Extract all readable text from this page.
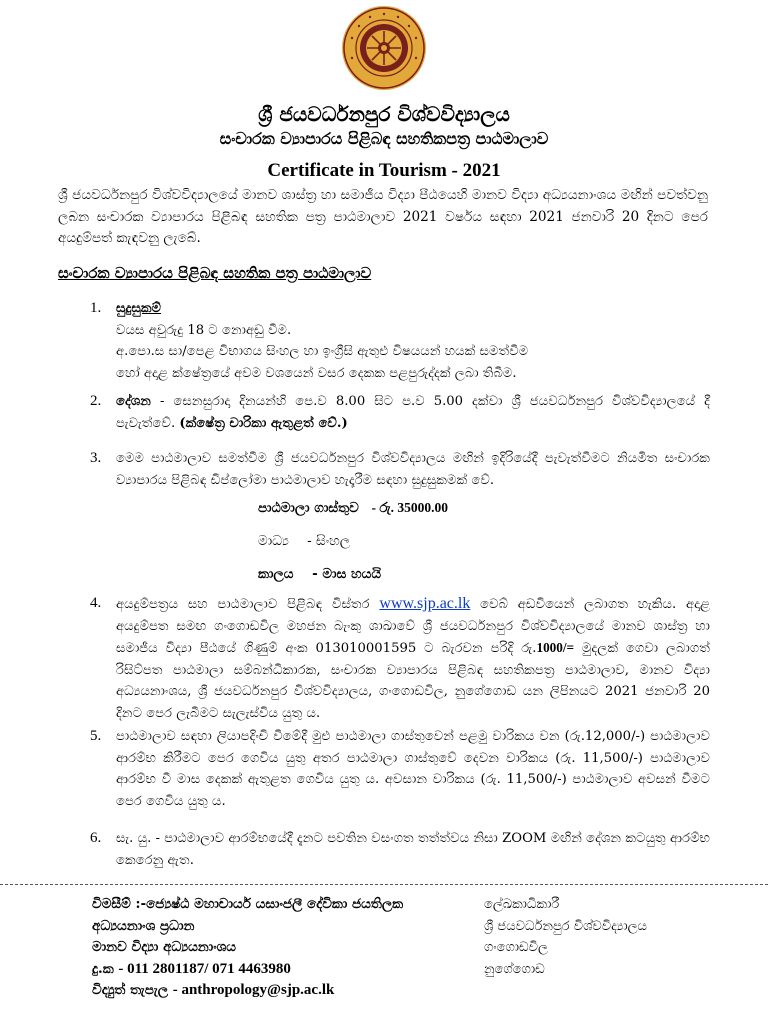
ශ්‍රී ජයවර්ධනපුර විශ්වවිද්‍යාලය
සංචාරක ව්‍යාපාරය පිළිබඳ සහතිකපත්‍ර පාඨමාලාව
Certificate in Tourism - 2021
ශ්‍රී ජයවර්ධනපුර විශ්වවිද්‍යාලයේ මානව ශාස්ත්‍ර හා සමාජීය විද්‍යා පීඨයෙහි මානව විද්‍යා අධ්‍යයනාංශය මඟින් පවත්වනු ලබන සංචාරක ව්‍යාපාරය පිළිබඳ සහතික පත්‍ර පාඨමාලාව 2021 වර්ෂය සඳහා 2021 ජනවාරි 20 දිනට පෙර අයදුම්පත් කැඳවනු ලැබේ.
සංචාරක ව්‍යාපාරය පිළිබඳ සහතික පත්‍ර පාඨමාලාව
1. සුදුසුකම්
වයස අවුරුදු 18 ට නොඅඩු වීම.
අ.පො.ස සා/පෙළ විභාගය සිංහල හා ඉංග්‍රීසි ඇතුළු විෂයයන් හයක් සමත්වීම
හෝ අදාළ ක්ෂේත්‍රයේ අවම වශයෙන් වසර දෙකක පළපුරුද්දක් ලබා තිබීම.
2. දේශන - සෙනසුරාදා දිනයන්හි පෙ.ව 8.00 සිට ප.ව 5.00 දක්වා ශ්‍රී ජයවර්ධනපුර විශ්වවිද්‍යාලයේ දී පැවැත්වේ. (ක්ෂේත්‍ර චාරිකා ඇතුළත් වේ.)
3. මෙම පාඨමාලාව සමත්වීම ශ්‍රී ජයවර්ධනපුර විශ්වවිද්‍යාලය මඟින් ඉදිරියේදී පැවැත්වීමට නියමිත සංචාරක ව්‍යාපාරය පිළිබඳ ඩිප්ලෝමා පාඨමාලාව හැදෑරීම සඳහා සුදුසුකමක් වේ.
පාඨමාලා ගාස්තුව - රු. 35000.00
මාධ්‍ය - සිංහල
කාලය - මාස හයයි
4. අයදුම්පත්‍රය සහ පාඨමාලාව පිළිබඳ විස්තර www.sjp.ac.lk වෙබ් අඩවියෙන් ලබාගත හැකිය. අදාළ අයදුම්පත සමඟ ගංගොඩවිල මහජන බැංකු ශාඛාවේ ශ්‍රී ජයවර්ධනපුර විශ්වවිද්‍යාලයේ මානව ශාස්ත්‍ර හා සමාජීය විද්‍යා පීඨයේ ගිණුම් අංක 013010001595 ට බැරවන පරිදි රු.1000/= මුදලක් ගෙවා ලබාගත් රිසිට්පත පාඨමාලා සම්බන්ධීකාරක, සංචාරක ව්‍යාපාරය පිළිබඳ සහතිකපත්‍ර පාඨමාලාව, මානව විද්‍යා අධ්‍යයනාංශය, ශ්‍රී ජයවර්ධනපුර විශ්වවිද්‍යාලය, ගංගොඩවිල, නුගේගොඩ යන ලිපිනයට 2021 ජනවාරි 20 දිනට පෙර ලැබීමට සැලැස්විය යුතු ය.
5. පාඨමාලාව සඳහා ලියාපදිංචි වීමේදී මුළු පාඨමාලා ගාස්තුවෙන් පළමු වාරිකය වන (රු.12,000/-) පාඨමාලාව ආරම්භ කිරීමට පෙර ගෙවිය යුතු අතර පාඨමාලා ගාස්තුවේ දෙවන වාරිකය (රු. 11,500/-) පාඨමාලාව ආරම්භ වී මාස දෙකක් ඇතුළත ගෙවිය යුතු ය. අවසාන වාරිකය (රු. 11,500/-) පාඨමාලාව අවසන් වීමට පෙර ගෙවිය යුතු ය.
6. සැ. යු. - පාඨමාලාව ආරම්භයේදී දැනට පවතින වසංගත තත්ත්වය නිසා ZOOM මඟින් දේශන කටයුතු ආරම්භ කෙරෙනු ඇත.
විමසීම් :-ජ්‍යෙෂ්ඨ මහාචාර්ය යසාංජලී දේවිකා ජයතිලක
අධ්‍යයනාංශ ප්‍රධාන
මානව විද්‍යා අධ්‍යයනාංශය
දු.ක - 011 2801187/ 071 4463980
විද්‍යුත් තැපැල - anthropology@sjp.ac.lk
ලේඛකාධිකාරී
ශ්‍රී ජයවර්ධනපුර විශ්වවිද්‍යාලය
ගංගොඩවිල
නුගේගොඩ
